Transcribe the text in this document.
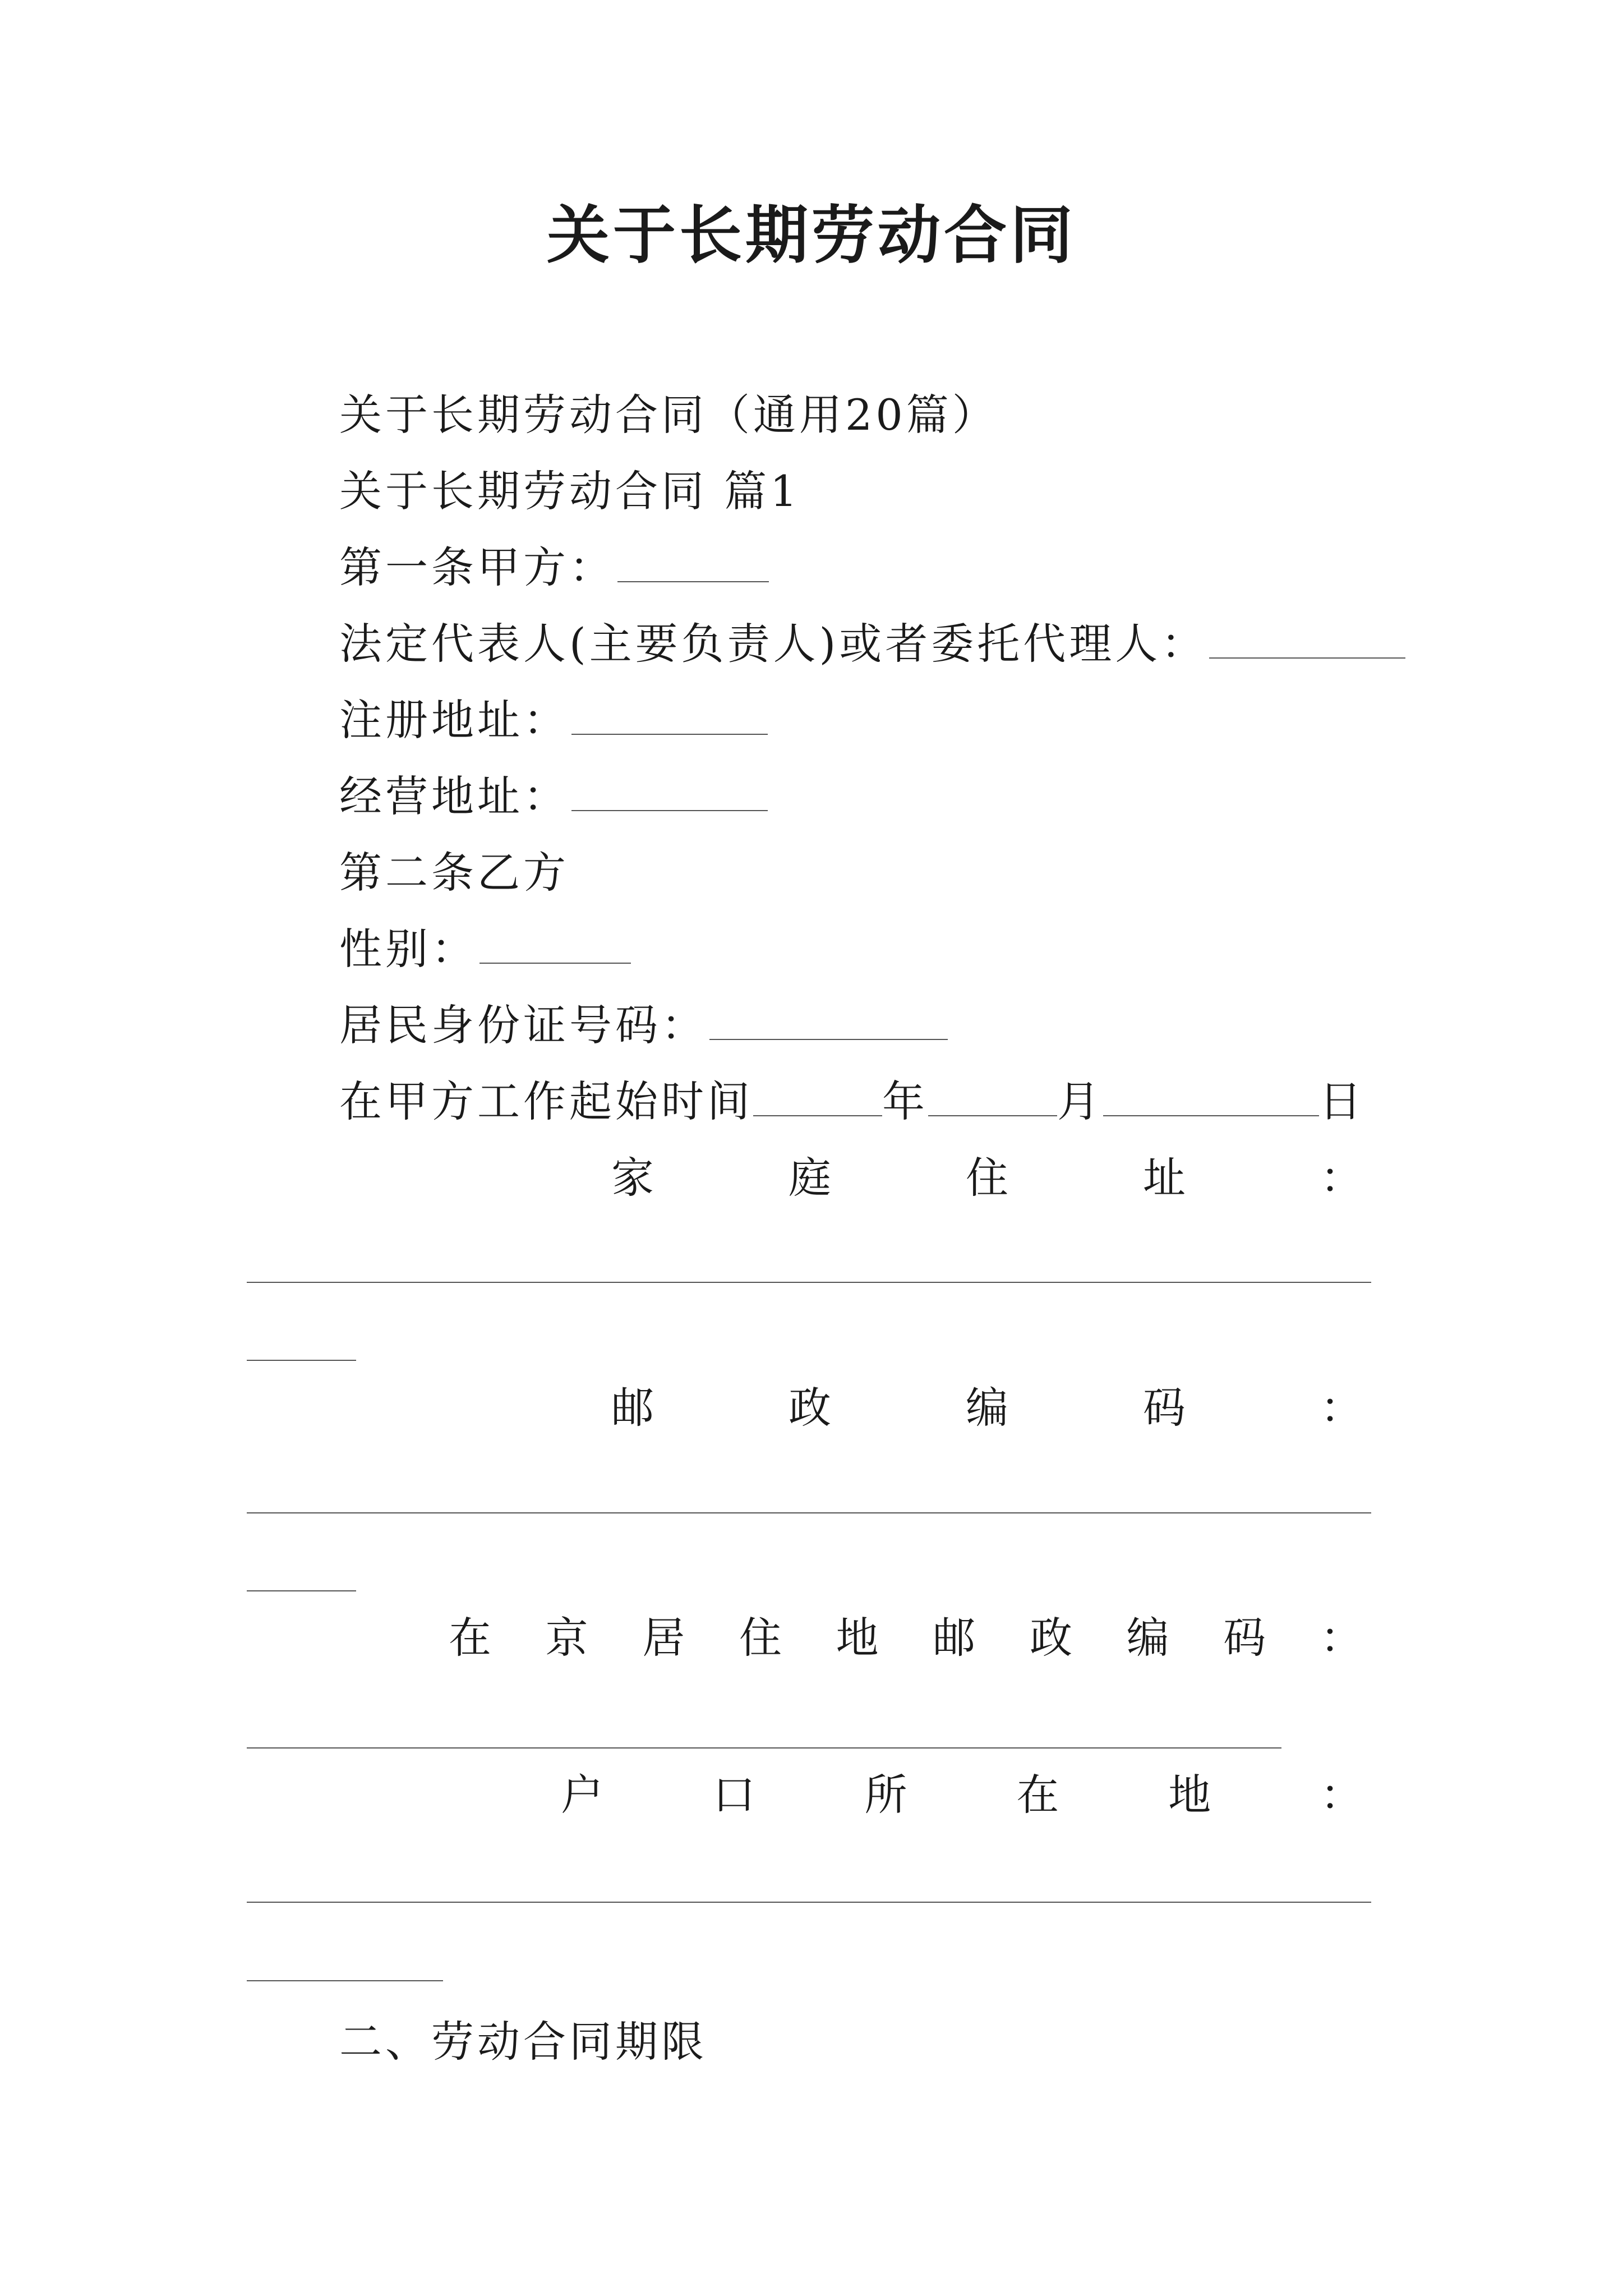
关于长期劳动合同
关于长期劳动合同（通用20篇）
关于长期劳动合同 篇1
第一条甲方：
法定代表人(主要负责人)或者委托代理人：
注册地址：
经营地址：
第二条乙方
性别：
居民身份证号码：
在甲方工作起始时间	年	月	日
家	庭	住	址	：
邮	政	编	码	：
在 京 居 住 地 邮 政 编 码 ：
户	口	所	在	地	：
二、劳动合同期限
